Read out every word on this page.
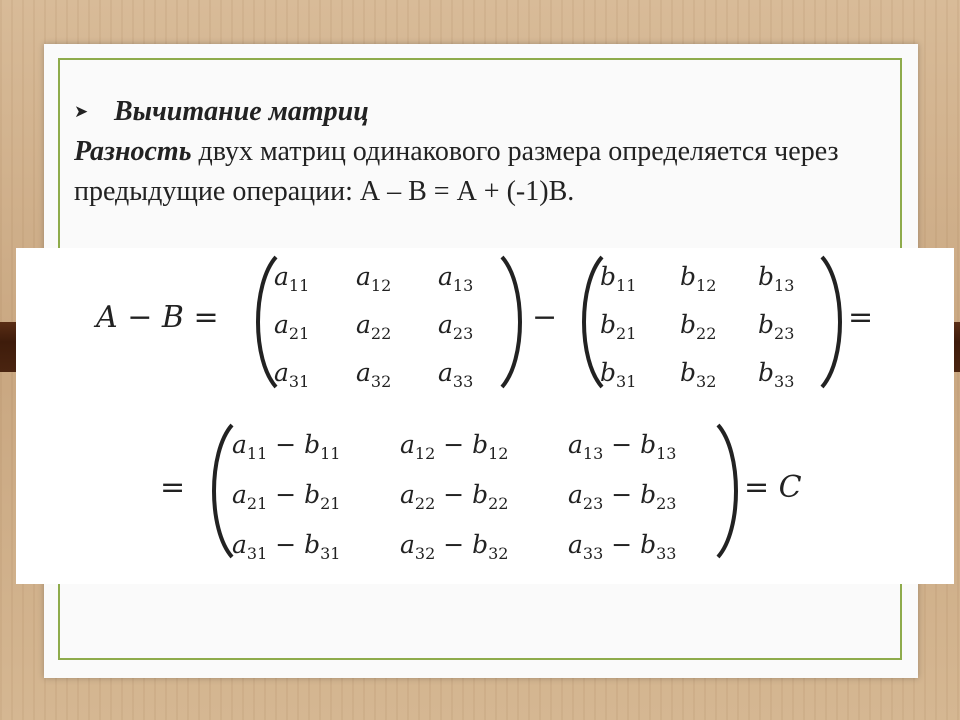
➤ Вычитание матриц
Разность двух матриц одинакового размера определяется через предыдущие операции: А – В = А + (-1)В.
A − B =	−	=
=	= C
$a_{11}$ $a_{12}$ $a_{13}$
$a_{21}$ $a_{22}$ $a_{23}$
$a_{31}$ $a_{32}$ $a_{33}$
$b_{11}$ $b_{12}$ $b_{13}$
$b_{21}$ $b_{22}$ $b_{23}$
$b_{31}$ $b_{32}$ $b_{33}$
$a_{11} - b_{11}$ $a_{12} - b_{12}$ $a_{13} - b_{13}$
$a_{21} - b_{21}$ $a_{22} - b_{22}$ $a_{23} - b_{23}$
$a_{31} - b_{31}$ $a_{32} - b_{32}$ $a_{33} - b_{33}$
